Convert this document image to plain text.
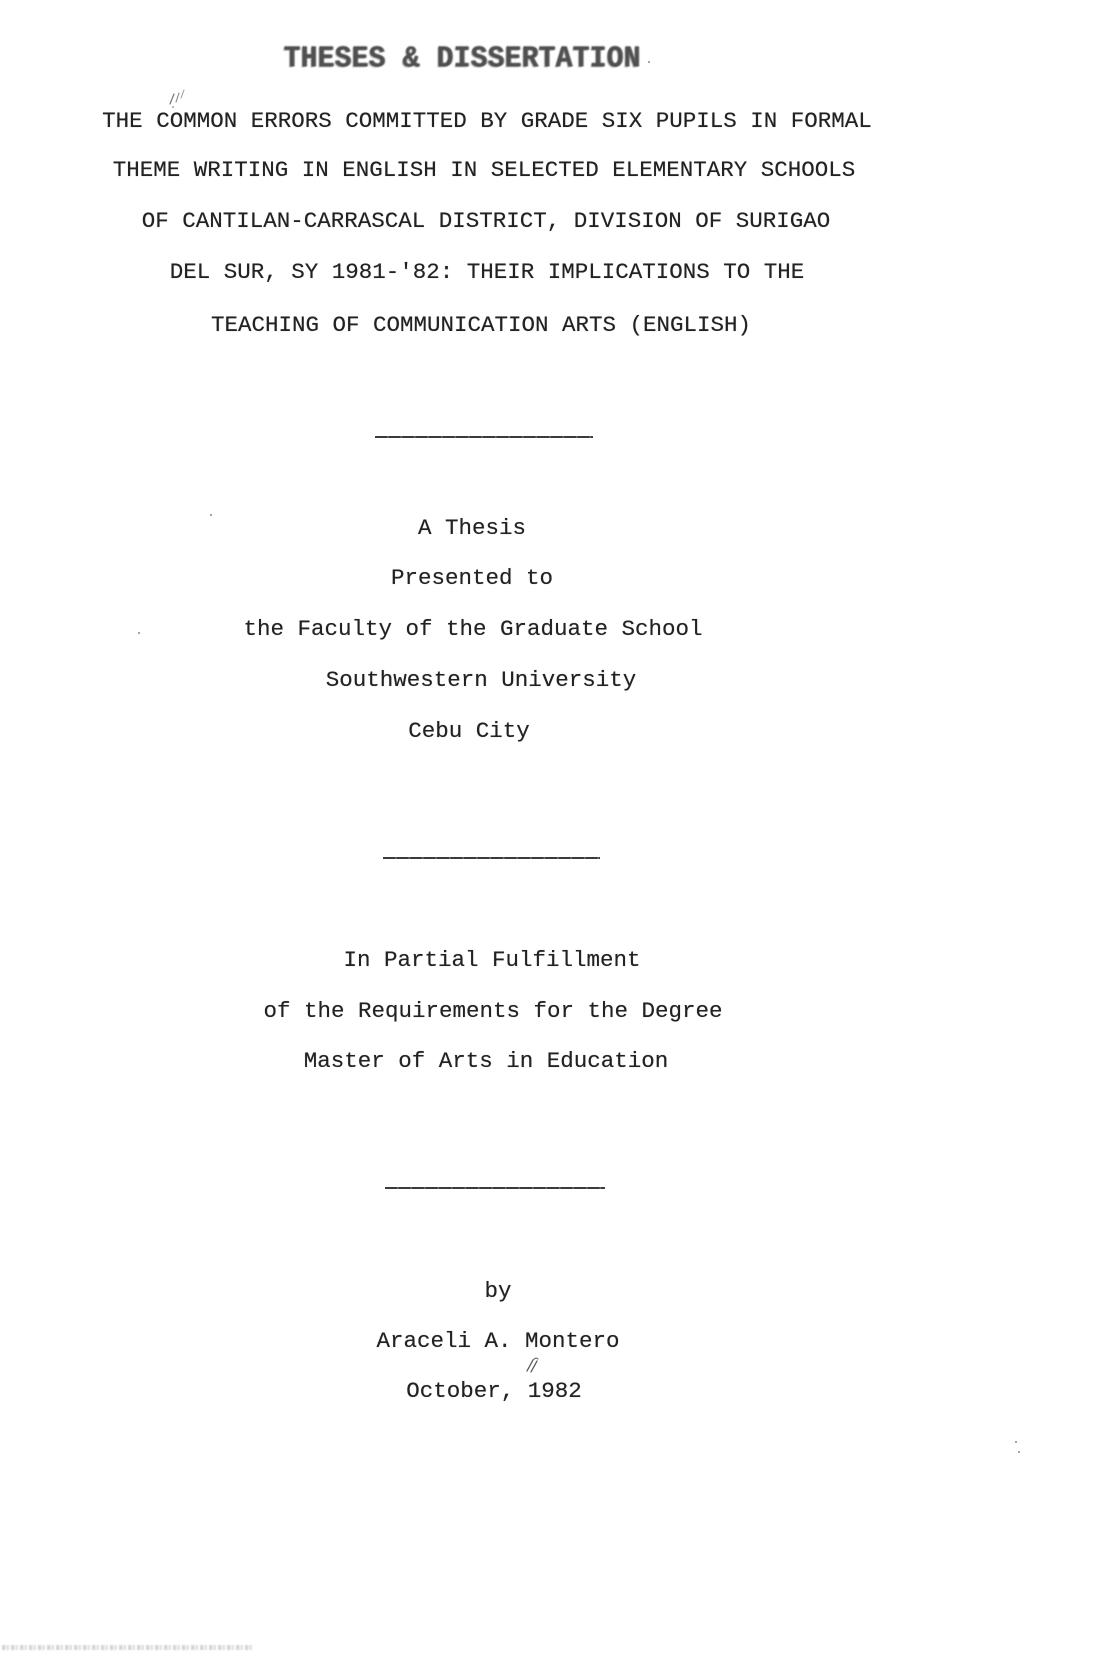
THESES & DISSERTATION
THE COMMON ERRORS COMMITTED BY GRADE SIX PUPILS IN FORMAL
THEME WRITING IN ENGLISH IN SELECTED ELEMENTARY SCHOOLS
OF CANTILAN-CARRASCAL DISTRICT, DIVISION OF SURIGAO
DEL SUR, SY 1981-'82: THEIR IMPLICATIONS TO THE
TEACHING OF COMMUNICATION ARTS (ENGLISH)
A Thesis
Presented to
the Faculty of the Graduate School
Southwestern University
Cebu City
In Partial Fulfillment
of the Requirements for the Degree
Master of Arts in Education
by
Araceli A. Montero
October, 1982
